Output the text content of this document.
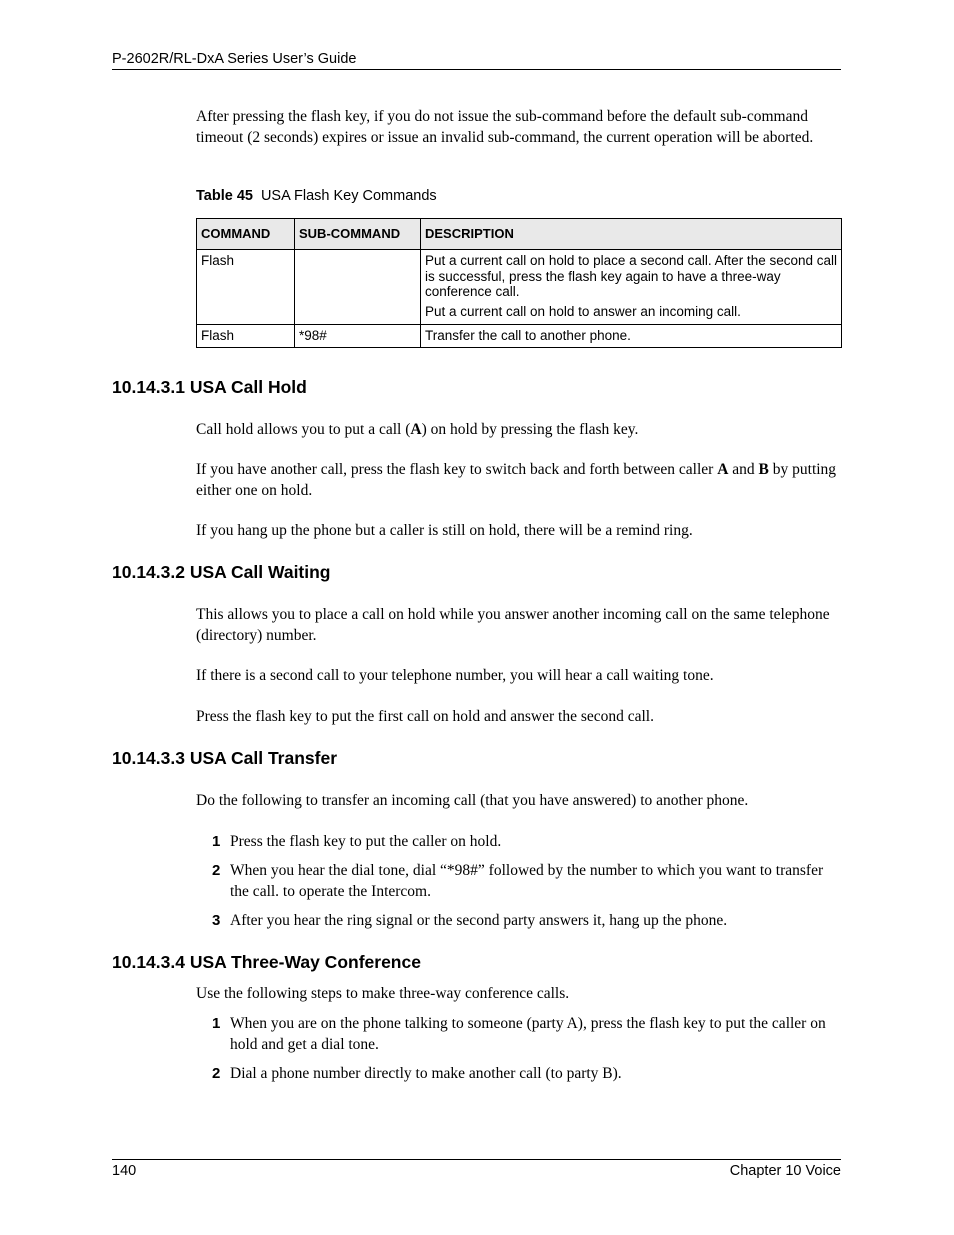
P-2602R/RL-DxA Series User’s Guide
After pressing the flash key, if you do not issue the sub-command before the default sub-command timeout (2 seconds) expires or issue an invalid sub-command, the current operation will be aborted.
Table 45 USA Flash Key Commands
COMMAND	SUB-COMMAND	DESCRIPTION
Flash		Put a current call on hold to place a second call. After the second call is successful, press the flash key again to have a three-way conference call.

Put a current call on hold to answer an incoming call.

Flash	*98#	Transfer the call to another phone.

10.14.3.1 USA Call Hold
Call hold allows you to put a call (A) on hold by pressing the flash key.
If you have another call, press the flash key to switch back and forth between caller A and B by putting either one on hold.
If you hang up the phone but a caller is still on hold, there will be a remind ring.
10.14.3.2 USA Call Waiting
This allows you to place a call on hold while you answer another incoming call on the same telephone (directory) number.
If there is a second call to your telephone number, you will hear a call waiting tone.
Press the flash key to put the first call on hold and answer the second call.
10.14.3.3 USA Call Transfer
Do the following to transfer an incoming call (that you have answered) to another phone.
1 Press the flash key to put the caller on hold.
2 When you hear the dial tone, dial “*98#” followed by the number to which you want to transfer the call. to operate the Intercom.
3 After you hear the ring signal or the second party answers it, hang up the phone.
10.14.3.4 USA Three-Way Conference
Use the following steps to make three-way conference calls.
1 When you are on the phone talking to someone (party A), press the flash key to put the caller on hold and get a dial tone.
2 Dial a phone number directly to make another call (to party B).
140	Chapter 10 Voice
